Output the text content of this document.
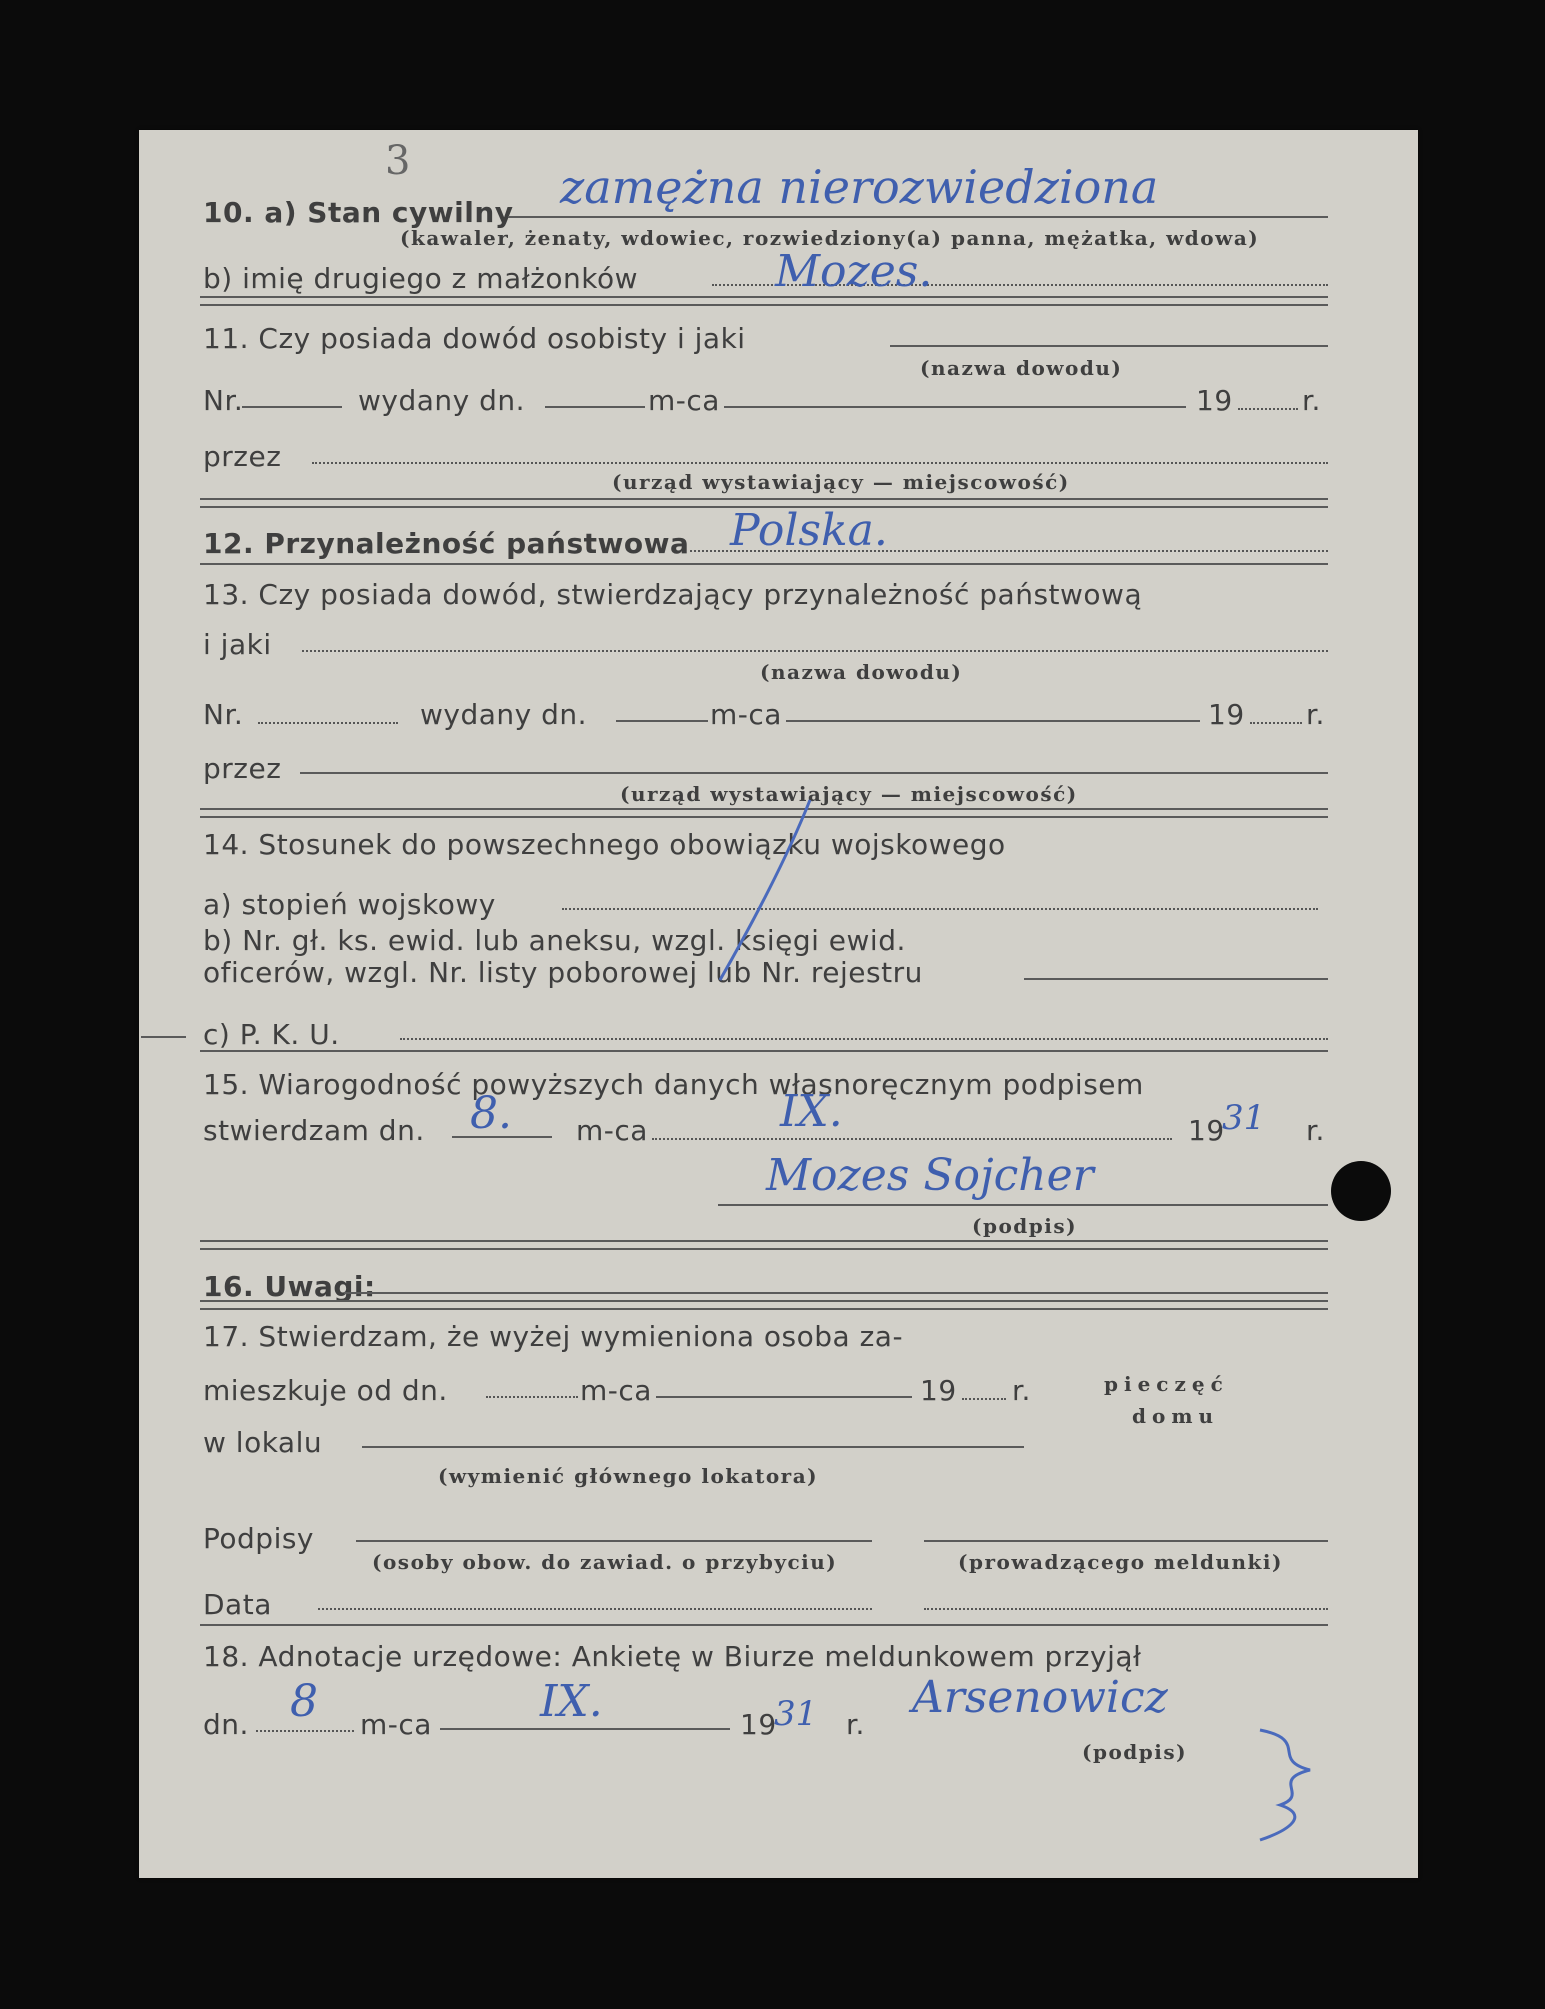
3
10. a) Stan cywilny zamężna nierozwiedziona
(kawaler, żenaty, wdowiec, rozwiedziony(a) panna, mężatka, wdowa)
b) imię drugiego z małżonków	Mozes.
11. Czy posiada dowód osobisty i jaki
(nazwa dowodu)
Nr.	wydany dn.	m-ca	19 r.
przez
(urząd wystawiający — miejscowość)
12. Przynależność państwowa Polska.
13. Czy posiada dowód, stwierdzający przynależność państwową
i jaki
(nazwa dowodu)
Nr.	wydany dn.	m-ca	19 r.
przez
(urząd wystawiający — miejscowość)
14. Stosunek do powszechnego obowiązku wojskowego
a) stopień wojskowy
b) Nr. gł. ks. ewid. lub aneksu, wzgl. księgi ewid.
oficerów, wzgl. Nr. listy poborowej lub Nr. rejestru
c) P. K. U.
15. Wiarogodność powyższych danych własnoręcznym podpisem
stwierdzam dn. 8. m-ca	IX.	19
31 r.
Mozes Sojcher
(podpis)
16. Uwagi:
17. Stwierdzam, że wyżej wymieniona osoba za-
mieszkuje od dn.	m-ca	19 r.	pieczęć
domu
w lokalu
(wymienić głównego lokatora)
Podpisy
(osoby obow. do zawiad. o przybyciu)	(prowadzącego meldunki)
Data
18. Adnotacje urzędowe: Ankietę w Biurze meldunkowem przyjął
dn. 8 m-ca IX.	19
31 r.
Arsenowicz
(podpis)
